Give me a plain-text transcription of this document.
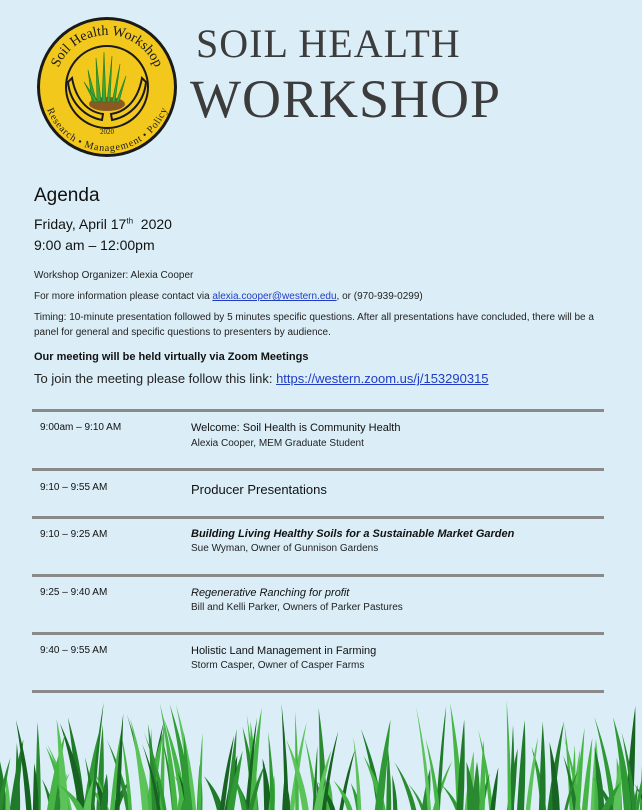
Soil Health Workshop
Research • Management • Policy
2020
SOIL HEALTH
WORKSHOP
Agenda
Friday, April 17th 2020
9:00 am – 12:00pm
Workshop Organizer: Alexia Cooper
For more information please contact via alexia.cooper@western.edu, or (970-939-0299)
Timing: 10-minute presentation followed by 5 minutes specific questions. After all presentations have concluded, there will be a panel for general and specific questions to presenters by audience.
Our meeting will be held virtually via Zoom Meetings
To join the meeting please follow this link: https://western.zoom.us/j/153290315
9:00am – 9:10 AM	Welcome: Soil Health is Community Health
Alexia Cooper, MEM Graduate Student
9:10 – 9:55 AM	Producer Presentations
9:10 – 9:25 AM	Building Living Healthy Soils for a Sustainable Market Garden
Sue Wyman, Owner of Gunnison Gardens
9:25 – 9:40 AM	Regenerative Ranching for profit
Bill and Kelli Parker, Owners of Parker Pastures
9:40 – 9:55 AM	Holistic Land Management in Farming
Storm Casper, Owner of Casper Farms
